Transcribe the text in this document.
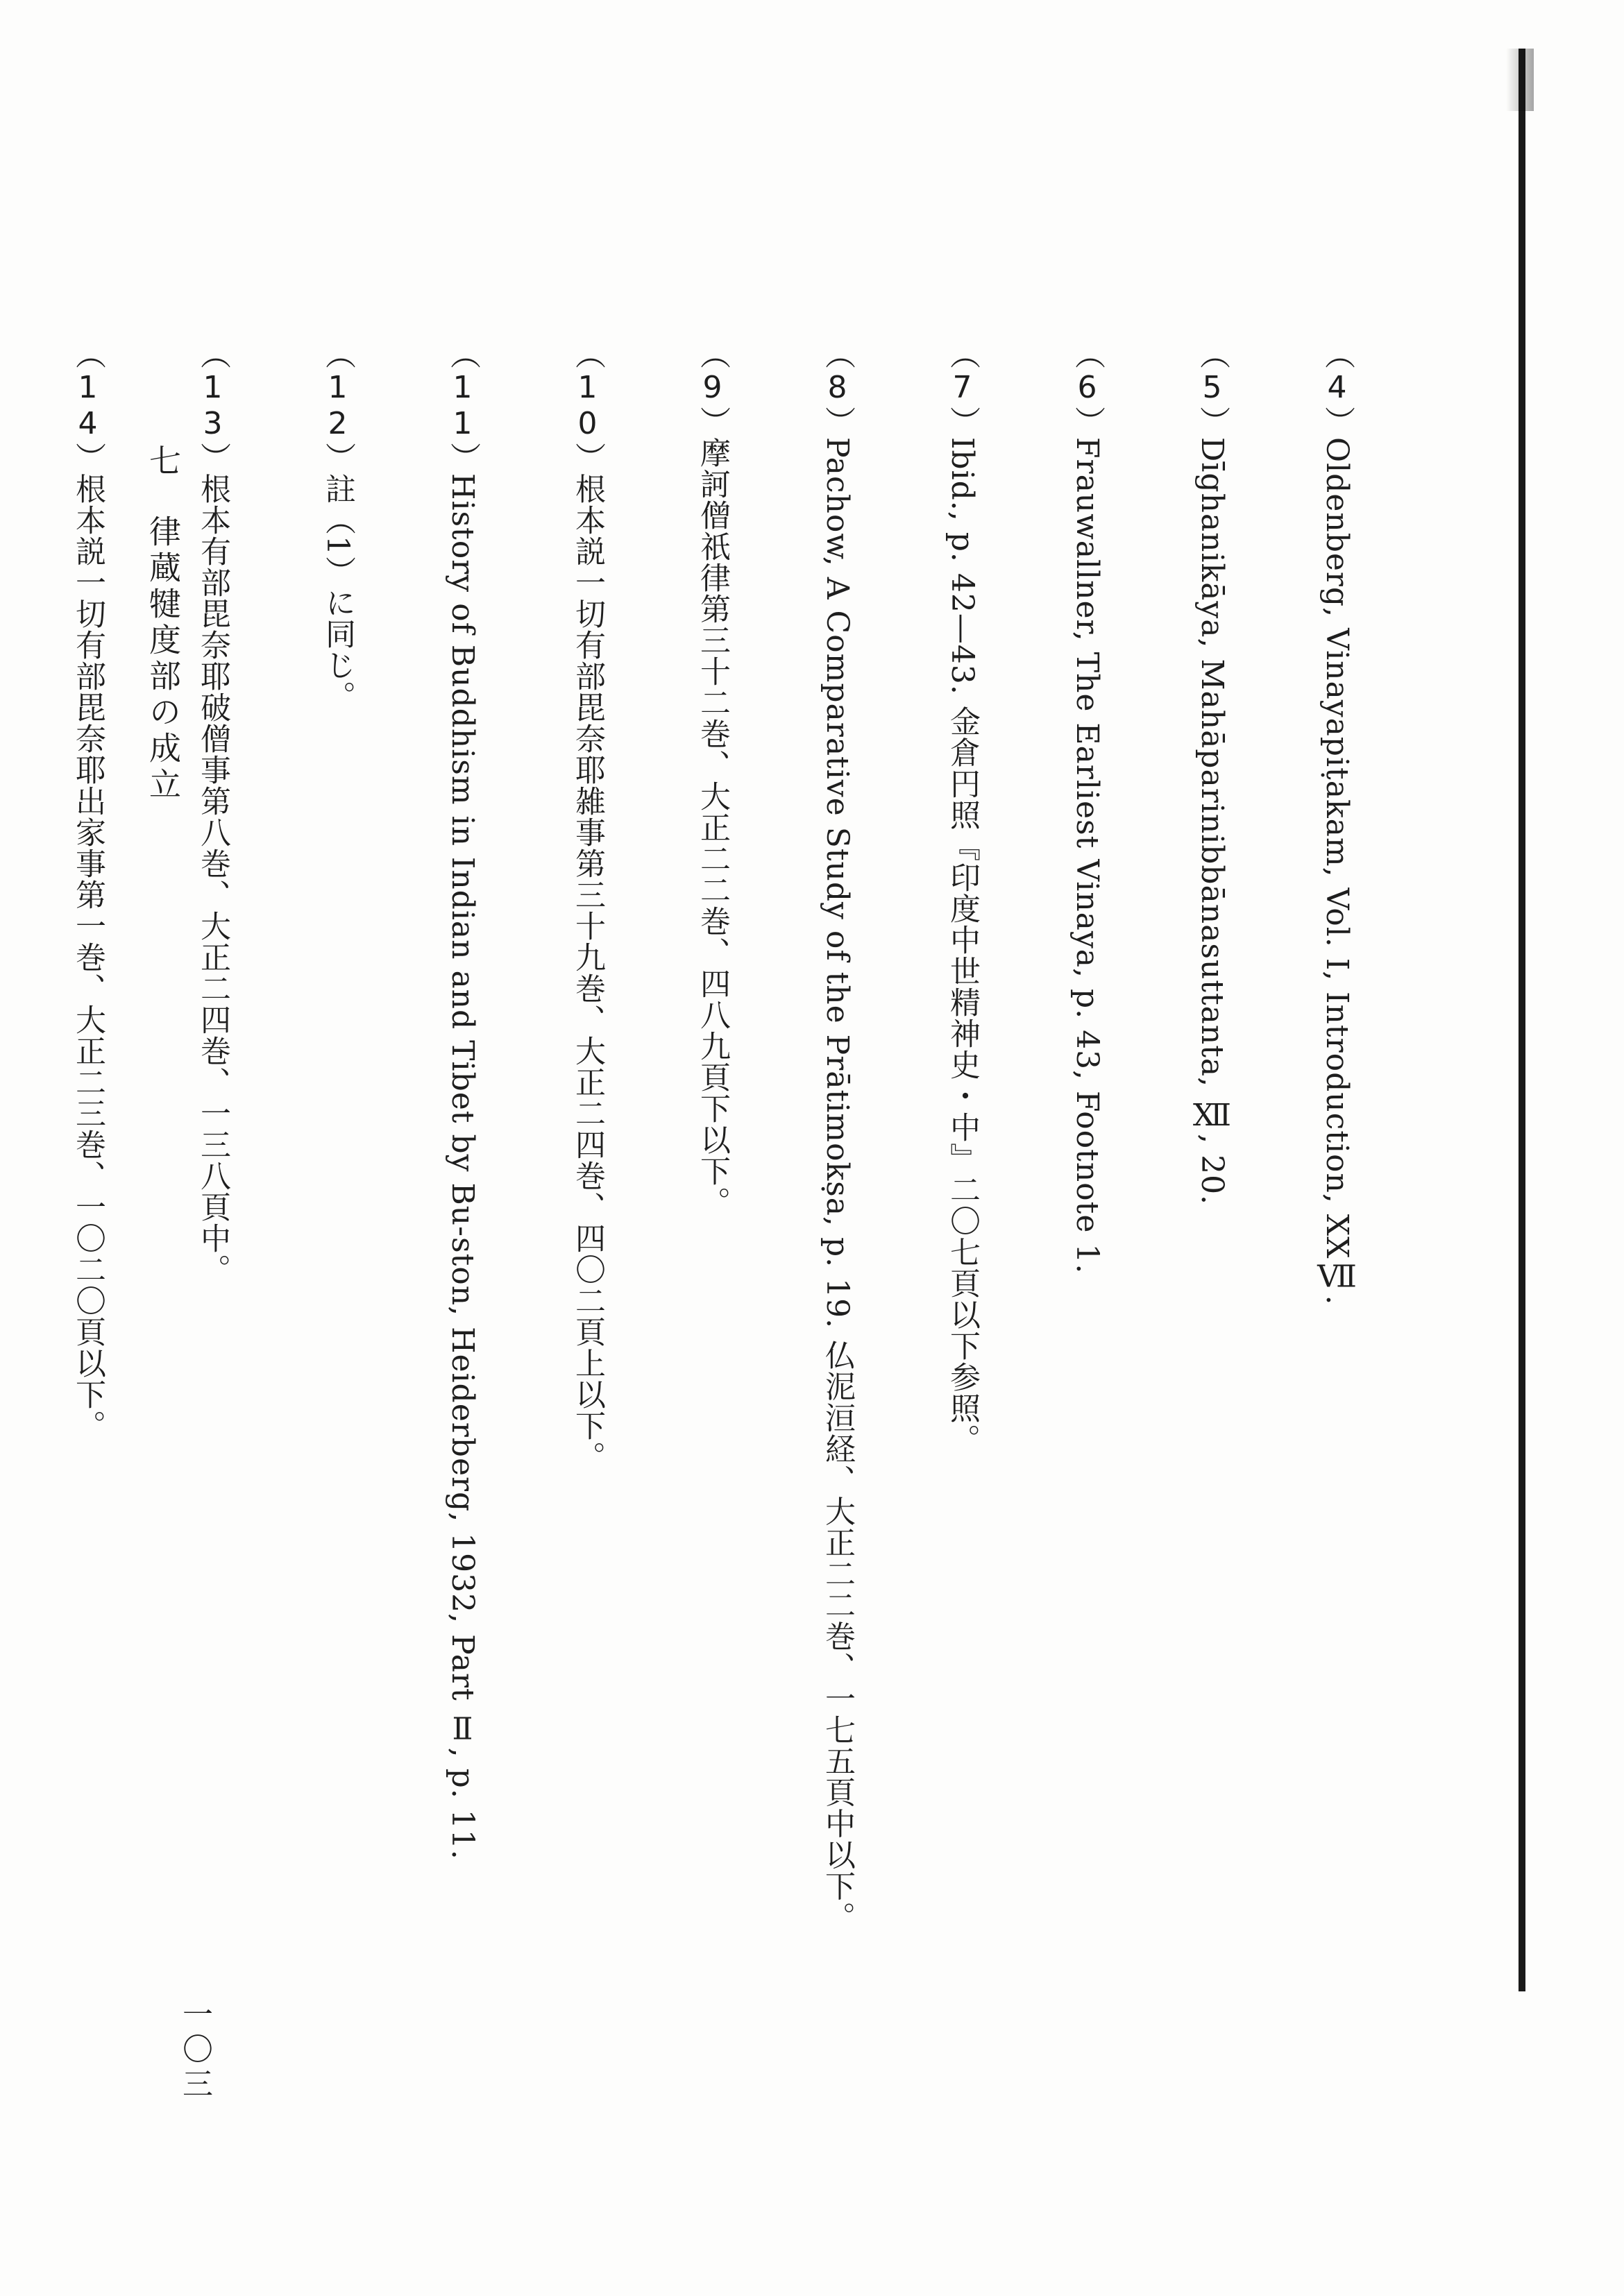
（4）Oldenberg, Vinayapiṭakam, Vol. I, Introduction, XXⅦ.
（5）Dīghanikāya, Mahāparinibbānasuttanta, Ⅻ, 20.
（6）Frauwallner, The Earliest Vinaya, p. 43, Footnote 1.
（7）Ibid., p. 42—43. 金倉円照『印度中世精神史・中』二〇七頁以下参照。
（8）Pachow, A Comparative Study of the Prātimokṣa, p. 19. 仏泥洹経、大正二二巻、一七五頁中以下。
（9）摩訶僧祇律第三十二巻、大正二二巻、四八九頁下以下。
（10）根本説一切有部毘奈耶雑事第三十九巻、大正二四巻、四〇二頁上以下。
（11）History of Buddhism in Indian and Tibet by Bu-ston, Heiderberg, 1932, Part Ⅱ, p. 11.
（12）註（1）に同じ。
（13）根本有部毘奈耶破僧事第八巻、大正二四巻、一三八頁中。
（14）根本説一切有部毘奈耶出家事第一巻、大正二三巻、一〇二〇頁以下。
七律蔵犍度部の成立
一〇三
